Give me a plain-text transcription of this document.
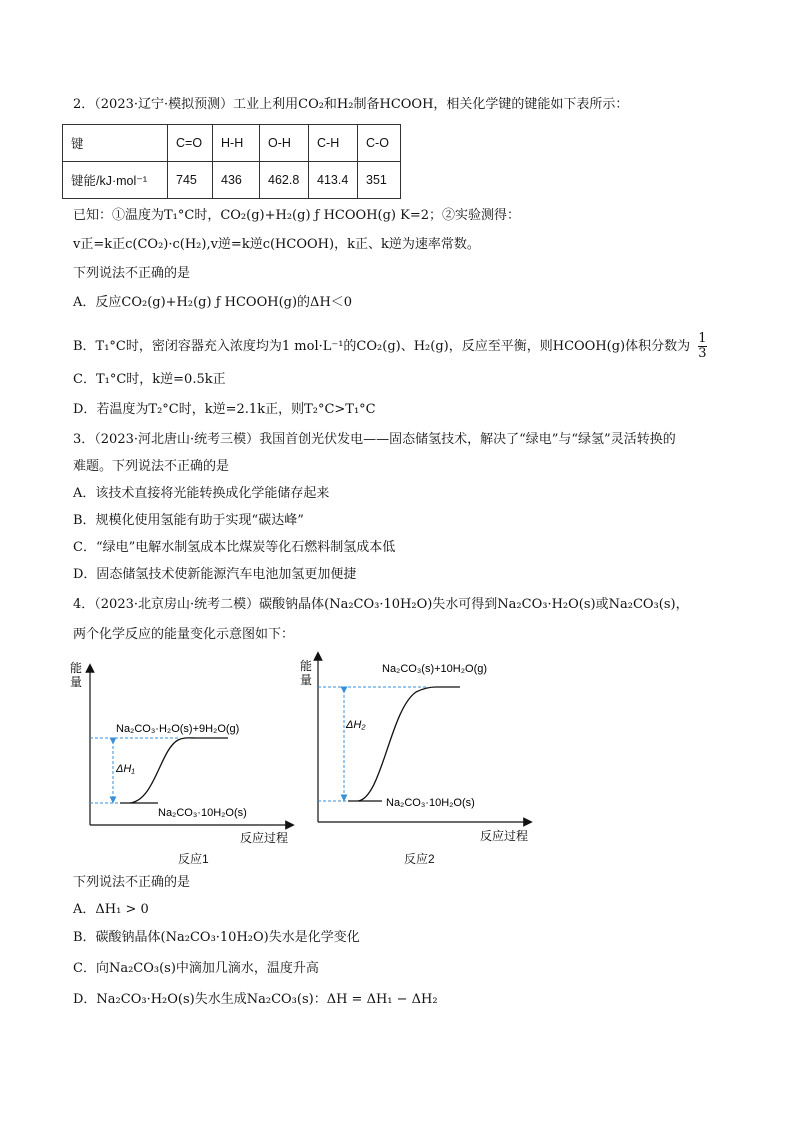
2．（2023·辽宁·模拟预测）工业上利用CO₂和H₂制备HCOOH，相关化学键的键能如下表所示：
键	C=O	H-H	O-H	C-H	C-O
键能/kJ·mol⁻¹	745	436	462.8	413.4	351
已知：①温度为T₁°C时，CO₂(g)+H₂(g) ƒ HCOOH(g) K=2；②实验测得：
v正=k正c(CO₂)·c(H₂),v逆=k逆c(HCOOH)，k正、k逆为速率常数。
下列说法不正确的是
A．反应CO₂(g)+H₂(g) ƒ HCOOH(g)的ΔH＜0
B．T₁°C时，密闭容器充入浓度均为1 mol·L⁻¹的CO₂(g)、H₂(g)，反应至平衡，则HCOOH(g)体积分数为 $\frac{1}{3}$
C．T₁°C时，k逆=0.5k正
D．若温度为T₂°C时，k逆=2.1k正，则T₂°C>T₁°C
3．（2023·河北唐山·统考三模）我国首创光伏发电——固态储氢技术，解决了“绿电”与“绿氢”灵活转换的
难题。下列说法不正确的是
A．该技术直接将光能转换成化学能储存起来
B．规模化使用氢能有助于实现“碳达峰”
C．“绿电”电解水制氢成本比煤炭等化石燃料制氢成本低
D．固态储氢技术使新能源汽车电池加氢更加便捷
4．（2023·北京房山·统考二模）碳酸钠晶体(Na₂CO₃·10H₂O)失水可得到Na₂CO₃·H₂O(s)或Na₂CO₃(s)，
两个化学反应的能量变化示意图如下：
能
量
反应过程
Na₂CO₃·H₂O(s)+9H₂O(g)
Na₂CO₃·10H₂O(s)
ΔH₁
反应1
能
量
反应过程
Na₂CO₃(s)+10H₂O(g)
Na₂CO₃·10H₂O(s)
ΔH₂
反应2
下列说法不正确的是
A．ΔH₁ > 0
B．碳酸钠晶体(Na₂CO₃·10H₂O)失水是化学变化
C．向Na₂CO₃(s)中滴加几滴水，温度升高
D．Na₂CO₃·H₂O(s)失水生成Na₂CO₃(s)：ΔH = ΔH₁ − ΔH₂
